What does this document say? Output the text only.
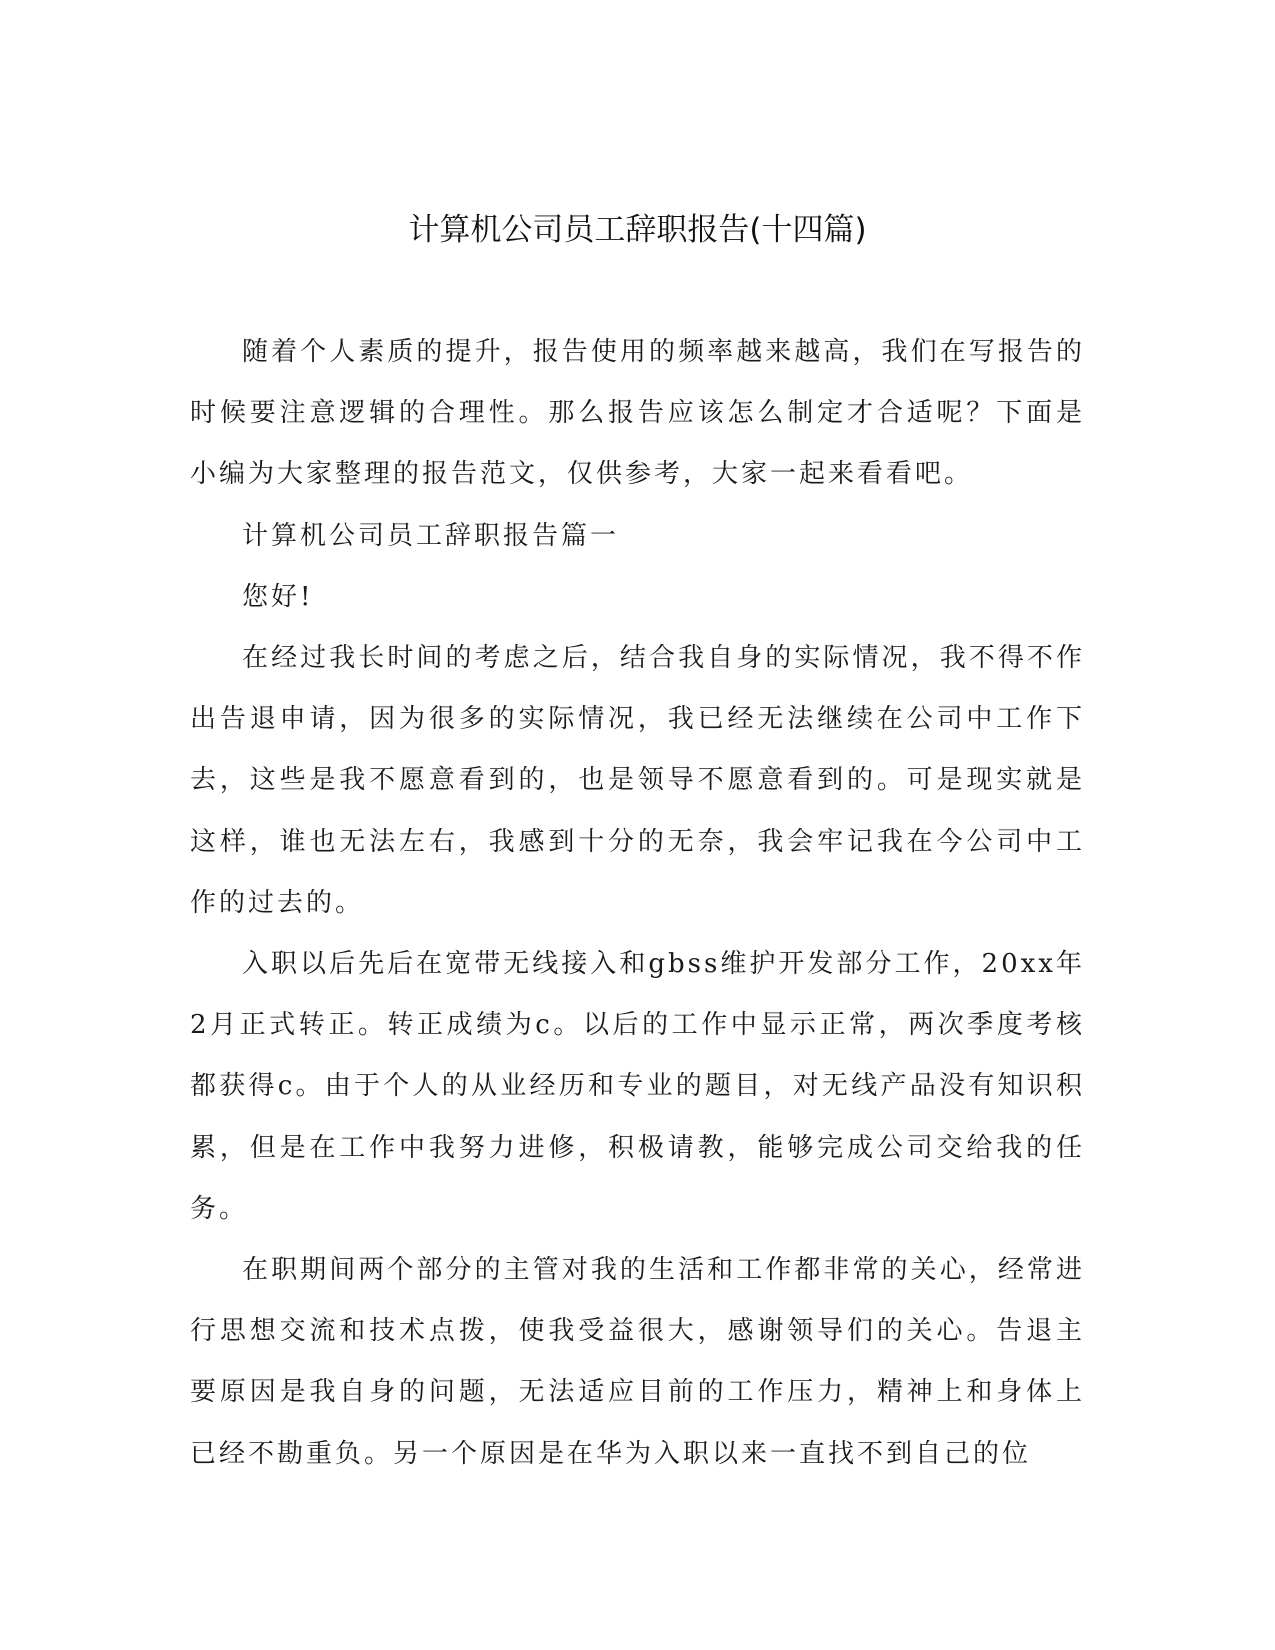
计算机公司员工辞职报告(十四篇)

随着个人素质的提升，报告使用的频率越来越高，我们在写报告的时候要注意逻辑的合理性。那么报告应该怎么制定才合适呢？下面是小编为大家整理的报告范文，仅供参考，大家一起来看看吧。

计算机公司员工辞职报告篇一

您好!

在经过我长时间的考虑之后，结合我自身的实际情况，我不得不作出告退申请，因为很多的实际情况，我已经无法继续在公司中工作下去，这些是我不愿意看到的，也是领导不愿意看到的。可是现实就是这样，谁也无法左右，我感到十分的无奈，我会牢记我在今公司中工作的过去的。

入职以后先后在宽带无线接入和gbss维护开发部分工作，20xx年2月正式转正。转正成绩为c。以后的工作中显示正常，两次季度考核都获得c。由于个人的从业经历和专业的题目，对无线产品没有知识积累，但是在工作中我努力进修，积极请教，能够完成公司交给我的任务。

在职期间两个部分的主管对我的生活和工作都非常的关心，经常进行思想交流和技术点拨，使我受益很大，感谢领导们的关心。告退主要原因是我自身的问题，无法适应目前的工作压力，精神上和身体上已经不勘重负。另一个原因是在华为入职以来一直找不到自己的位
